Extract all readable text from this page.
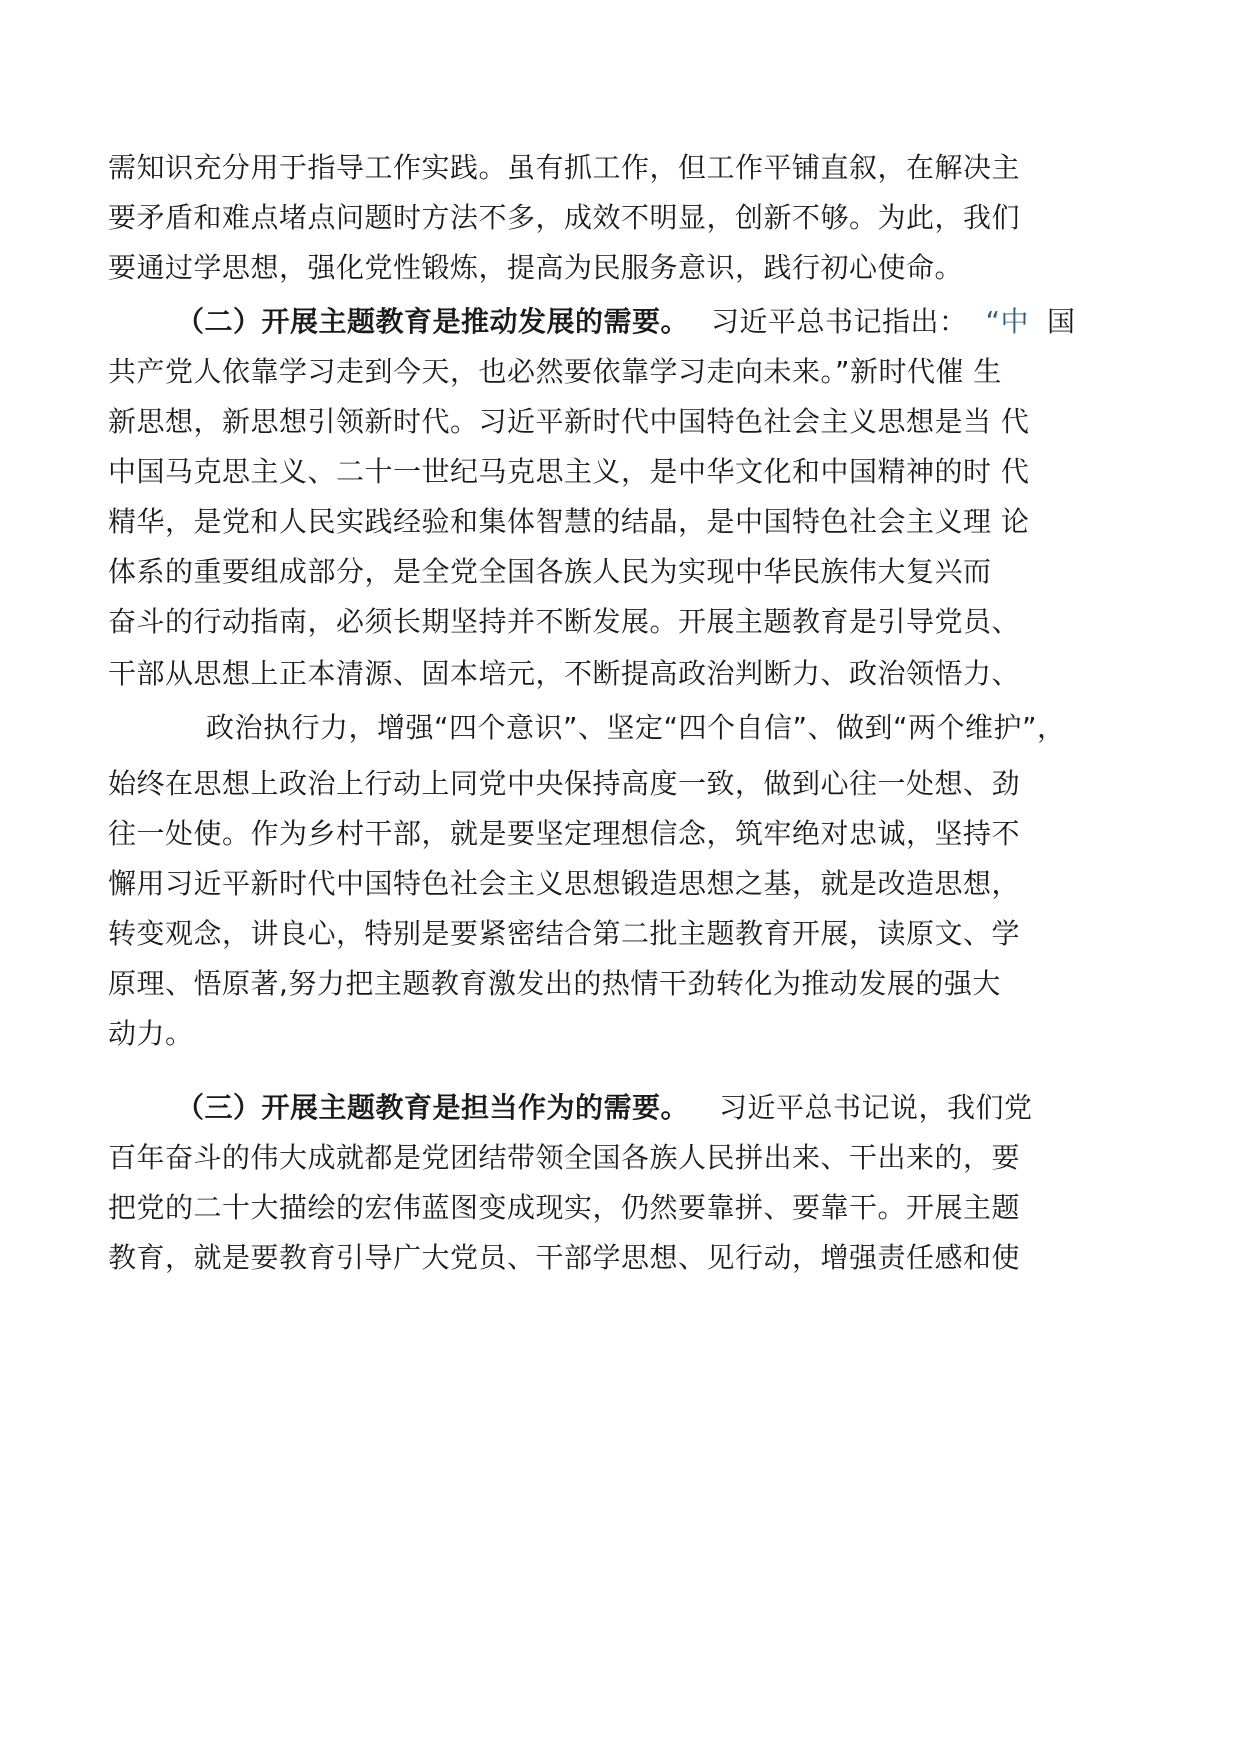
需知识充分用于指导工作实践。虽有抓工作，但工作平铺直叙，在解决主
要矛盾和难点堵点问题时方法不多，成效不明显，创新不够。为此，我们
要通过学思想，强化党性锻炼，提高为民服务意识，践行初心使命。
（二）开展主题教育是推动发展的需要。 习近平总书记指出： “中 国
共产党人依靠学习走到今天，也必然要依靠学习走向未来。”新时代催 生
新思想，新思想引领新时代。习近平新时代中国特色社会主义思想是当 代
中国马克思主义、二十一世纪马克思主义，是中华文化和中国精神的时 代
精华，是党和人民实践经验和集体智慧的结晶，是中国特色社会主义理 论
体系的重要组成部分，是全党全国各族人民为实现中华民族伟大复兴而
奋斗的行动指南，必须长期坚持并不断发展。开展主题教育是引导党员、
干部从思想上正本清源、固本培元，不断提高政治判断力、政治领悟力、
政治执行力，增强“四个意识”、坚定“四个自信”、做到“两个维护”，
始终在思想上政治上行动上同党中央保持高度一致，做到心往一处想、劲
往一处使。作为乡村干部，就是要坚定理想信念，筑牢绝对忠诚，坚持不
懈用习近平新时代中国特色社会主义思想锻造思想之基，就是改造思想，
转变观念，讲良心，特别是要紧密结合第二批主题教育开展，读原文、学
原理、悟原著,努力把主题教育激发出的热情干劲转化为推动发展的强大
动力。
（三）开展主题教育是担当作为的需要。 习近平总书记说，我们党
百年奋斗的伟大成就都是党团结带领全国各族人民拼出来、干出来的，要
把党的二十大描绘的宏伟蓝图变成现实，仍然要靠拼、要靠干。开展主题
教育，就是要教育引导广大党员、干部学思想、见行动，增强责任感和使
